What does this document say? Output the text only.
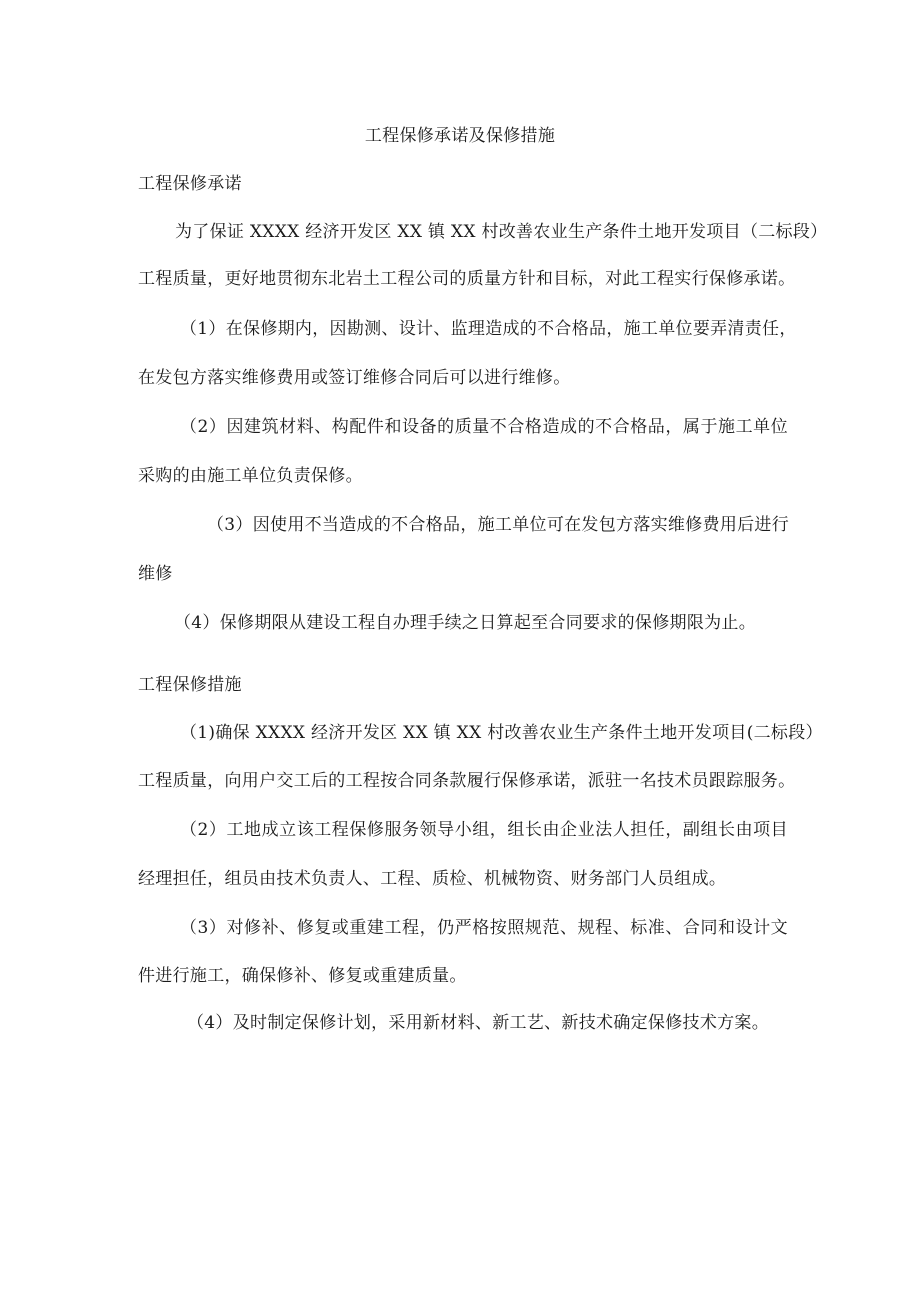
工程保修承诺及保修措施
工程保修承诺
为了保证 XXXX 经济开发区 XX 镇 XX 村改善农业生产条件土地开发项目（二标段）
工程质量，更好地贯彻东北岩土工程公司的质量方针和目标，对此工程实行保修承诺。
（1）在保修期内，因勘测、设计、监理造成的不合格品，施工单位要弄清责任，
在发包方落实维修费用或签订维修合同后可以进行维修。
（2）因建筑材料、构配件和设备的质量不合格造成的不合格品，属于施工单位
采购的由施工单位负责保修。
（3）因使用不当造成的不合格品，施工单位可在发包方落实维修费用后进行
维修
（4）保修期限从建设工程自办理手续之日算起至合同要求的保修期限为止。
工程保修措施
（1)确保 XXXX 经济开发区 XX 镇 XX 村改善农业生产条件土地开发项目(二标段）
工程质量，向用户交工后的工程按合同条款履行保修承诺，派驻一名技术员跟踪服务。
（2）工地成立该工程保修服务领导小组，组长由企业法人担任，副组长由项目
经理担任，组员由技术负责人、工程、质检、机械物资、财务部门人员组成。
（3）对修补、修复或重建工程，仍严格按照规范、规程、标准、合同和设计文
件进行施工，确保修补、修复或重建质量。
（4）及时制定保修计划，采用新材料、新工艺、新技术确定保修技术方案。
